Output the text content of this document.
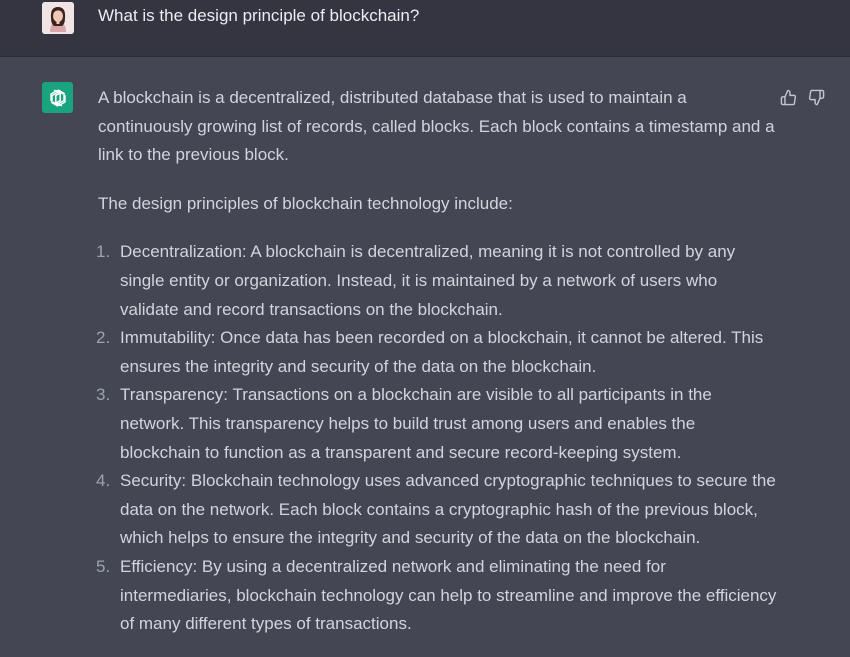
What is the design principle of blockchain?

A blockchain is a decentralized, distributed database that is used to maintain a continuously growing list of records, called blocks. Each block contains a timestamp and a link to the previous block.

The design principles of blockchain technology include:

1. Decentralization: A blockchain is decentralized, meaning it is not controlled by any single entity or organization. Instead, it is maintained by a network of users who validate and record transactions on the blockchain.
2. Immutability: Once data has been recorded on a blockchain, it cannot be altered. This ensures the integrity and security of the data on the blockchain.
3. Transparency: Transactions on a blockchain are visible to all participants in the network. This transparency helps to build trust among users and enables the blockchain to function as a transparent and secure record-keeping system.
4. Security: Blockchain technology uses advanced cryptographic techniques to secure the data on the network. Each block contains a cryptographic hash of the previous block, which helps to ensure the integrity and security of the data on the blockchain.
5. Efficiency: By using a decentralized network and eliminating the need for intermediaries, blockchain technology can help to streamline and improve the efficiency of many different types of transactions.
